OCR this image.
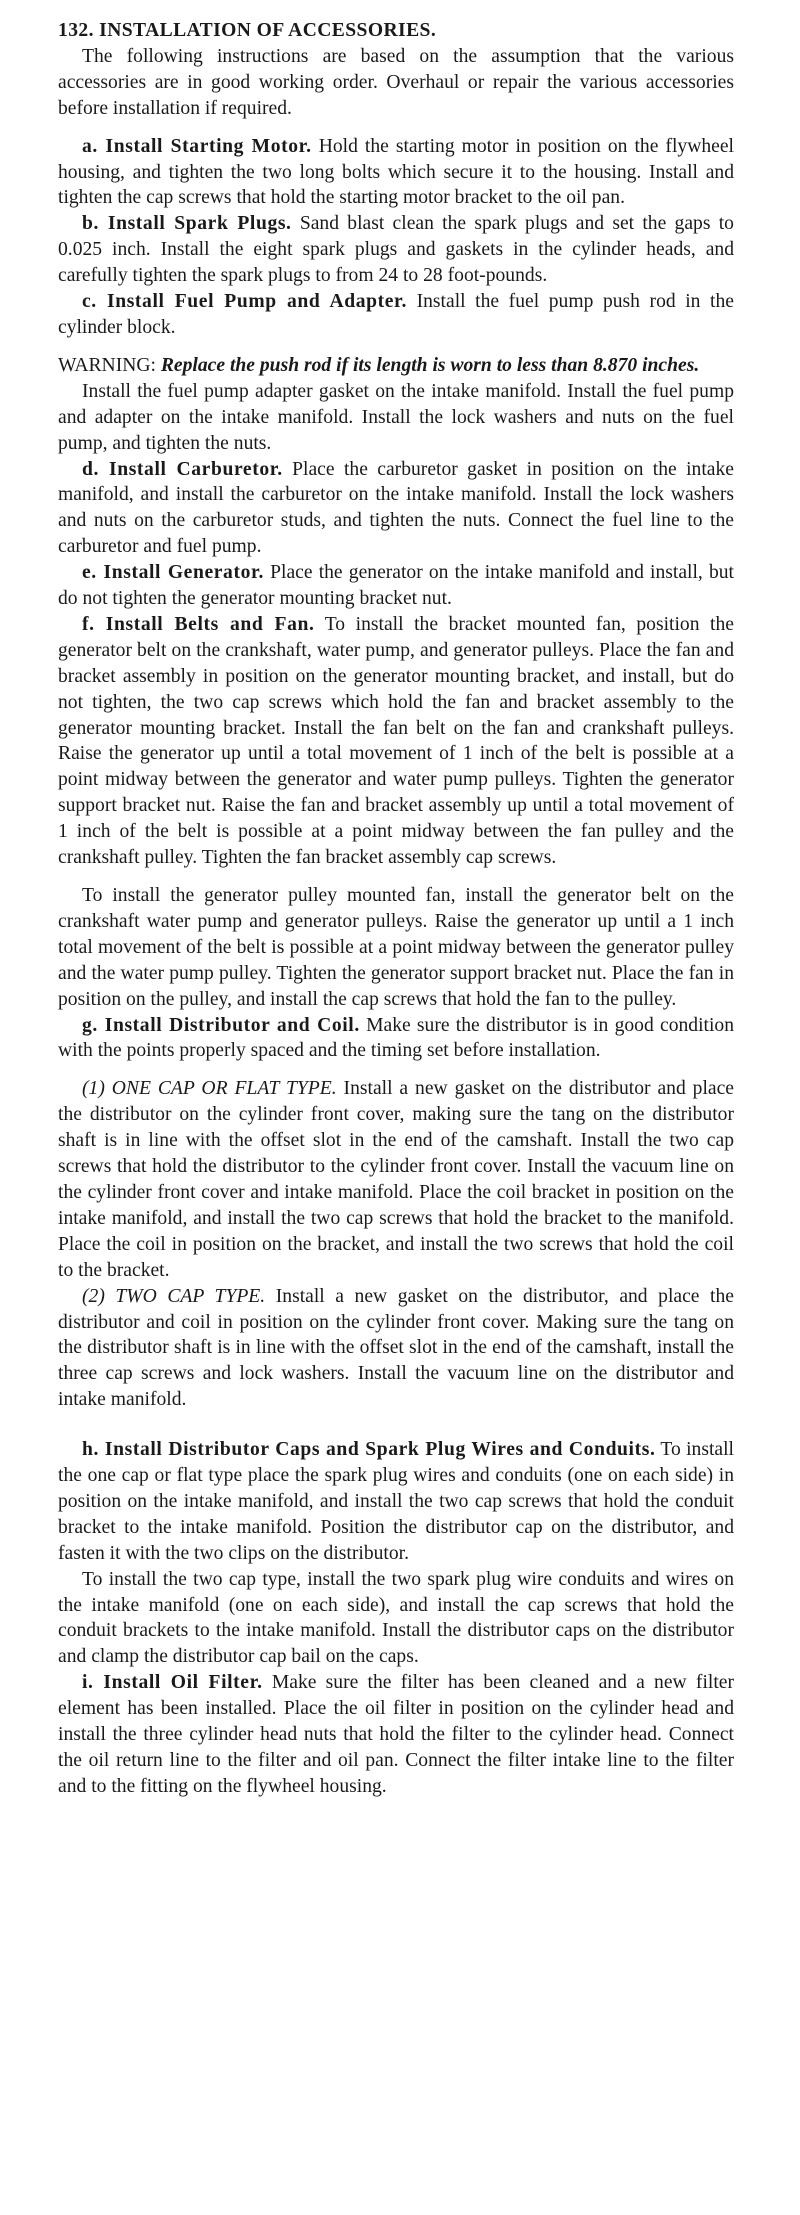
132. INSTALLATION OF ACCESSORIES.

The following instructions are based on the assumption that the various accessories are in good working order. Overhaul or repair the various accessories before installation if required.

a. Install Starting Motor. Hold the starting motor in position on the flywheel housing, and tighten the two long bolts which secure it to the housing. Install and tighten the cap screws that hold the starting motor bracket to the oil pan.

b. Install Spark Plugs. Sand blast clean the spark plugs and set the gaps to 0.025 inch. Install the eight spark plugs and gaskets in the cylinder heads, and carefully tighten the spark plugs to from 24 to 28 foot-pounds.

c. Install Fuel Pump and Adapter. Install the fuel pump push rod in the cylinder block.

WARNING: Replace the push rod if its length is worn to less than 8.870 inches.

Install the fuel pump adapter gasket on the intake manifold. Install the fuel pump and adapter on the intake manifold. Install the lock washers and nuts on the fuel pump, and tighten the nuts.

d. Install Carburetor. Place the carburetor gasket in position on the intake manifold, and install the carburetor on the intake manifold. Install the lock washers and nuts on the carburetor studs, and tighten the nuts. Connect the fuel line to the carburetor and fuel pump.

e. Install Generator. Place the generator on the intake manifold and install, but do not tighten the generator mounting bracket nut.

f. Install Belts and Fan. To install the bracket mounted fan, position the generator belt on the crankshaft, water pump, and generator pulleys. Place the fan and bracket assembly in position on the generator mounting bracket, and install, but do not tighten, the two cap screws which hold the fan and bracket assembly to the generator mounting bracket. Install the fan belt on the fan and crankshaft pulleys. Raise the generator up until a total movement of 1 inch of the belt is possible at a point midway between the generator and water pump pulleys. Tighten the generator support bracket nut. Raise the fan and bracket assembly up until a total movement of 1 inch of the belt is possible at a point midway between the fan pulley and the crankshaft pulley. Tighten the fan bracket assembly cap screws.

To install the generator pulley mounted fan, install the generator belt on the crankshaft water pump and generator pulleys. Raise the generator up until a 1 inch total movement of the belt is possible at a point midway between the generator pulley and the water pump pulley. Tighten the generator support bracket nut. Place the fan in position on the pulley, and install the cap screws that hold the fan to the pulley.

g. Install Distributor and Coil. Make sure the distributor is in good condition with the points properly spaced and the timing set before installation.

(1) ONE CAP OR FLAT TYPE. Install a new gasket on the distributor and place the distributor on the cylinder front cover, making sure the tang on the distributor shaft is in line with the offset slot in the end of the camshaft. Install the two cap screws that hold the distributor to the cylinder front cover. Install the vacuum line on the cylinder front cover and intake manifold. Place the coil bracket in position on the intake manifold, and install the two cap screws that hold the bracket to the manifold. Place the coil in position on the bracket, and install the two screws that hold the coil to the bracket.

(2) TWO CAP TYPE. Install a new gasket on the distributor, and place the distributor and coil in position on the cylinder front cover. Making sure the tang on the distributor shaft is in line with the offset slot in the end of the camshaft, install the three cap screws and lock washers. Install the vacuum line on the distributor and intake manifold.

h. Install Distributor Caps and Spark Plug Wires and Conduits. To install the one cap or flat type place the spark plug wires and conduits (one on each side) in position on the intake manifold, and install the two cap screws that hold the conduit bracket to the intake manifold. Position the distributor cap on the distributor, and fasten it with the two clips on the distributor.

To install the two cap type, install the two spark plug wire conduits and wires on the intake manifold (one on each side), and install the cap screws that hold the conduit brackets to the intake manifold. Install the distributor caps on the distributor and clamp the distributor cap bail on the caps.

i. Install Oil Filter. Make sure the filter has been cleaned and a new filter element has been installed. Place the oil filter in position on the cylinder head and install the three cylinder head nuts that hold the filter to the cylinder head. Connect the oil return line to the filter and oil pan. Connect the filter intake line to the filter and to the fitting on the flywheel housing.
